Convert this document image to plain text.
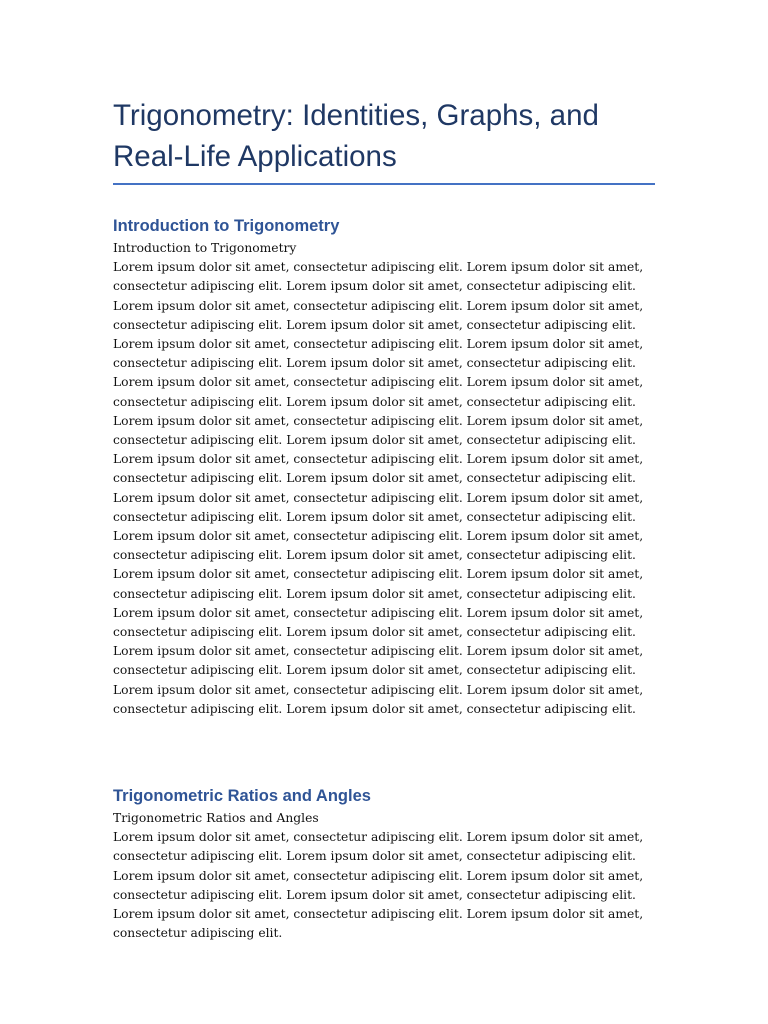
Trigonometry: Identities, Graphs, and Real-Life Applications
Introduction to Trigonometry

Introduction to Trigonometry

Lorem ipsum dolor sit amet, consectetur adipiscing elit. Lorem ipsum dolor sit amet, consectetur adipiscing elit. Lorem ipsum dolor sit amet, consectetur adipiscing elit. Lorem ipsum dolor sit amet, consectetur adipiscing elit. Lorem ipsum dolor sit amet, consectetur adipiscing elit. Lorem ipsum dolor sit amet, consectetur adipiscing elit. Lorem ipsum dolor sit amet, consectetur adipiscing elit. Lorem ipsum dolor sit amet, consectetur adipiscing elit. Lorem ipsum dolor sit amet, consectetur adipiscing elit. Lorem ipsum dolor sit amet, consectetur adipiscing elit. Lorem ipsum dolor sit amet, consectetur adipiscing elit. Lorem ipsum dolor sit amet, consectetur adipiscing elit. Lorem ipsum dolor sit amet, consectetur adipiscing elit. Lorem ipsum dolor sit amet, consectetur adipiscing elit. Lorem ipsum dolor sit amet, consectetur adipiscing elit. Lorem ipsum dolor sit amet, consectetur adipiscing elit. Lorem ipsum dolor sit amet, consectetur adipiscing elit. Lorem ipsum dolor sit amet, consectetur adipiscing elit. Lorem ipsum dolor sit amet, consectetur adipiscing elit. Lorem ipsum dolor sit amet, consectetur adipiscing elit. Lorem ipsum dolor sit amet, consectetur adipiscing elit. Lorem ipsum dolor sit amet, consectetur adipiscing elit. Lorem ipsum dolor sit amet, consectetur adipiscing elit. Lorem ipsum dolor sit amet, consectetur adipiscing elit. Lorem ipsum dolor sit amet, consectetur adipiscing elit. Lorem ipsum dolor sit amet, consectetur adipiscing elit. Lorem ipsum dolor sit amet, consectetur adipiscing elit. Lorem ipsum dolor sit amet, consectetur adipiscing elit. Lorem ipsum dolor sit amet, consectetur adipiscing elit. Lorem ipsum dolor sit amet, consectetur adipiscing elit. Lorem ipsum dolor sit amet, consectetur adipiscing elit. Lorem ipsum dolor sit amet, consectetur adipiscing elit. Lorem ipsum dolor sit amet, consectetur adipiscing elit. Lorem ipsum dolor sit amet, consectetur adipiscing elit. Lorem ipsum dolor sit amet, consectetur adipiscing elit. Lorem ipsum dolor sit amet, consectetur adipiscing elit.

Trigonometric Ratios and Angles

Trigonometric Ratios and Angles

Lorem ipsum dolor sit amet, consectetur adipiscing elit. Lorem ipsum dolor sit amet, consectetur adipiscing elit. Lorem ipsum dolor sit amet, consectetur adipiscing elit. Lorem ipsum dolor sit amet, consectetur adipiscing elit. Lorem ipsum dolor sit amet, consectetur adipiscing elit. Lorem ipsum dolor sit amet, consectetur adipiscing elit. Lorem ipsum dolor sit amet, consectetur adipiscing elit. Lorem ipsum dolor sit amet, consectetur adipiscing elit.
